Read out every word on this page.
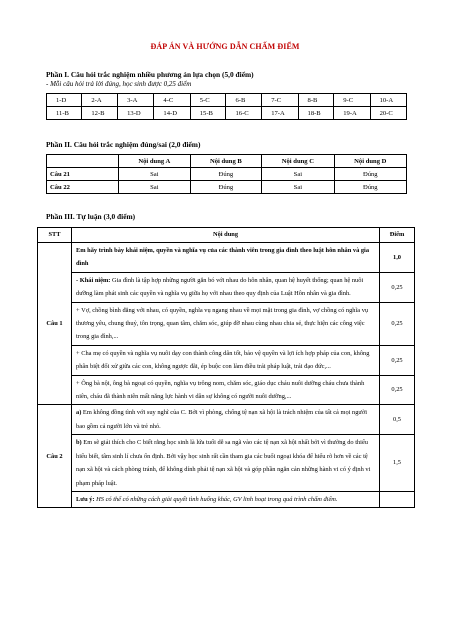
ĐÁP ÁN VÀ HƯỚNG DẪN CHẤM ĐIỂM
Phần I. Câu hỏi trắc nghiệm nhiều phương án lựa chọn (5,0 điểm)
- Mỗi câu hỏi trả lời đúng, học sinh được 0,25 điểm
1-D	2-A	3-A	4-C	5-C	6-B	7-C	8-B	9-C	10-A
11-B	12-B	13-D	14-D	15-B	16-C	17-A	18-B	19-A	20-C
Phần II. Câu hỏi trắc nghiệm đúng/sai (2,0 điểm)
	Nội dung A	Nội dung B	Nội dung C	Nội dung D
Câu 21	Sai	Đúng	Sai	Đúng
Câu 22	Sai	Đúng	Sai	Đúng
Phần III. Tự luận (3,0 điểm)
STT	Nội dung	Điểm
Câu 1	Em hãy trình bày khái niệm, quyền và nghĩa vụ của các thành viên trong gia đình theo luật hôn nhân và gia đình	1,0
	- Khái niệm: Gia đình là tập hợp những người gắn bó với nhau do hôn nhân, quan hệ huyết thống; quan hệ nuôi dưỡng làm phát sinh các quyền và nghĩa vụ giữa họ với nhau theo quy định của Luật Hôn nhân và gia đình.	0,25
	+ Vợ, chồng bình đẳng với nhau, có quyền, nghĩa vụ ngang nhau về mọi mặt trong gia đình, vợ chồng có nghĩa vụ thương yêu, chung thuỷ, tôn trọng, quan tâm, chăm sóc, giúp đỡ nhau cùng nhau chia sẻ, thực hiện các công việc trong gia đình,...	0,25
	+ Cha mẹ có quyền và nghĩa vụ nuôi dạy con thành công dân tốt, bảo vệ quyền và lợi ích hợp pháp của con, không phân biệt đối xử giữa các con, không ngược đãi, ép buộc con làm điều trái pháp luật, trái đạo đức,...	0,25
	+ Ông bà nội, ông bà ngoại có quyền, nghĩa vụ trông nom, chăm sóc, giáo dục cháu nuôi dưỡng cháu chưa thành niên, cháu đã thành niên mất năng lực hành vi dân sự không có người nuôi dưỡng,...	0,25
Câu 2	a) Em không đồng tình với suy nghĩ của C. Bởi vì phòng, chống tệ nạn xã hội là trách nhiệm của tất cả mọi người bao gồm cả người lớn và trẻ nhỏ.	0,5
	b) Em sẽ giải thích cho C biết rằng học sinh là lứa tuổi dễ sa ngã vào các tệ nạn xã hội nhất bởi vì thường do thiếu hiểu biết, tâm sinh lí chưa ổn định. Bởi vậy học sinh rất cần tham gia các buổi ngoại khóa để hiểu rõ hơn về các tệ nạn xã hội và cách phòng tránh, để không dính phải tệ nạn xã hội và góp phần ngăn cản những hành vi có ý định vi phạm pháp luật.	1,5
	Lưu ý: HS có thể có những cách giải quyết tình huống khác, GV linh hoạt trong quá trình chấm điểm.	
